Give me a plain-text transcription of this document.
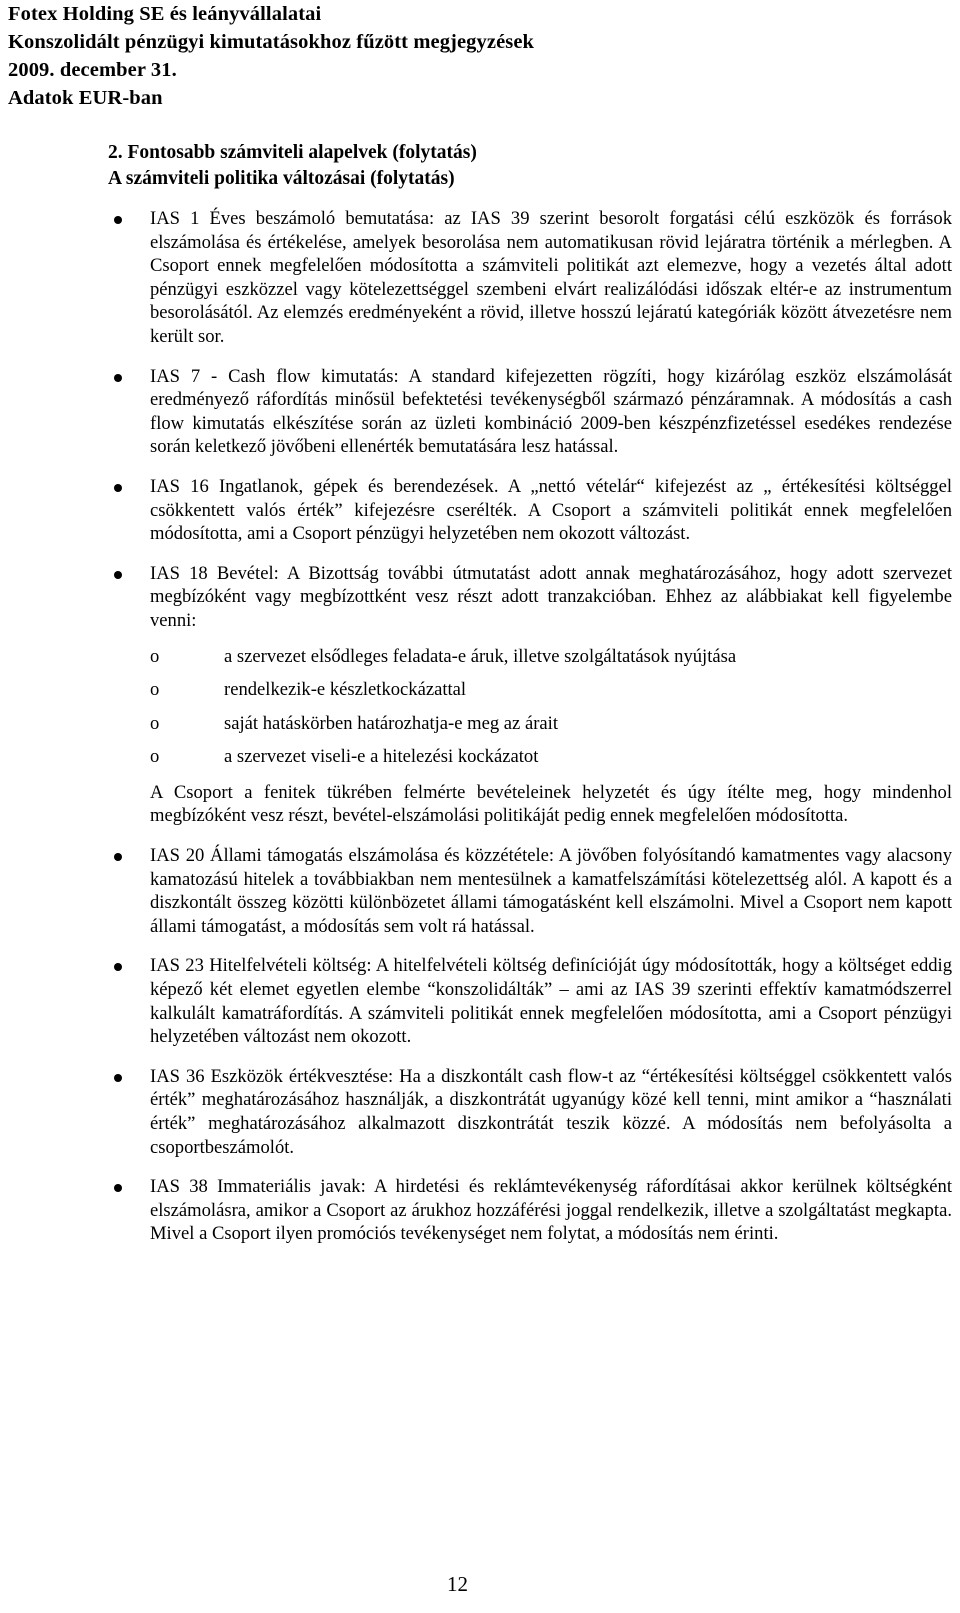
Fotex Holding SE és leányvállalatai
Konszolidált pénzügyi kimutatásokhoz fűzött megjegyzések
2009. december 31.
Adatok EUR-ban
2. Fontosabb számviteli alapelvek (folytatás)
A számviteli politika változásai (folytatás)
IAS 1 Éves beszámoló bemutatása: az IAS 39 szerint besorolt forgatási célú eszközök és források elszámolása és értékelése, amelyek besorolása nem automatikusan rövid lejáratra történik a mérlegben. A Csoport ennek megfelelően módosította a számviteli politikát azt elemezve, hogy a vezetés által adott pénzügyi eszközzel vagy kötelezettséggel szembeni elvárt realizálódási időszak eltér-e az instrumentum besorolásától. Az elemzés eredményeként a rövid, illetve hosszú lejáratú kategóriák között átvezetésre nem került sor.
IAS 7 - Cash flow kimutatás: A standard kifejezetten rögzíti, hogy kizárólag eszköz elszámolását eredményező ráfordítás minősül befektetési tevékenységből származó pénzáramnak. A módosítás a cash flow kimutatás elkészítése során az üzleti kombináció 2009-ben készpénzfizetéssel esedékes rendezése során keletkező jövőbeni ellenérték bemutatására lesz hatással.
IAS 16 Ingatlanok, gépek és berendezések. A „nettó vételár“ kifejezést az „ értékesítési költséggel csökkentett valós érték” kifejezésre cserélték. A Csoport a számviteli politikát ennek megfelelően módosította, ami a Csoport pénzügyi helyzetében nem okozott változást.
IAS 18 Bevétel: A Bizottság további útmutatást adott annak meghatározásához, hogy adott szervezet megbízóként vagy megbízottként vesz részt adott tranzakcióban. Ehhez az alábbiakat kell figyelembe venni:
o	a szervezet elsődleges feladata-e áruk, illetve szolgáltatások nyújtása
o	rendelkezik-e készletkockázattal
o	saját hatáskörben határozhatja-e meg az árait
o	a szervezet viseli-e a hitelezési kockázatot
A Csoport a fenitek tükrében felmérte bevételeinek helyzetét és úgy ítélte meg, hogy mindenhol megbízóként vesz részt, bevétel-elszámolási politikáját pedig ennek megfelelően módosította.
IAS 20 Állami támogatás elszámolása és közzététele: A jövőben folyósítandó kamatmentes vagy alacsony kamatozású hitelek a továbbiakban nem mentesülnek a kamatfelszámítási kötelezettség alól. A kapott és a diszkontált összeg közötti különbözetet állami támogatásként kell elszámolni. Mivel a Csoport nem kapott állami támogatást, a módosítás sem volt rá hatással.
IAS 23 Hitelfelvételi költség: A hitelfelvételi költség definícióját úgy módosították, hogy a költséget eddig képező két elemet egyetlen elembe “konszolidálták” – ami az IAS 39 szerinti effektív kamatmódszerrel kalkulált kamatráfordítás. A számviteli politikát ennek megfelelően módosította, ami a Csoport pénzügyi helyzetében változást nem okozott.
IAS 36 Eszközök értékvesztése: Ha a diszkontált cash flow-t az “értékesítési költséggel csökkentett valós érték” meghatározásához használják, a diszkontrátát ugyanúgy közé kell tenni, mint amikor a “használati érték” meghatározásához alkalmazott diszkontrátát teszik közzé. A módosítás nem befolyásolta a csoportbeszámolót.
IAS 38 Immateriális javak: A hirdetési és reklámtevékenység ráfordításai akkor kerülnek költségként elszámolásra, amikor a Csoport az árukhoz hozzáférési joggal rendelkezik, illetve a szolgáltatást megkapta. Mivel a Csoport ilyen promóciós tevékenységet nem folytat, a módosítás nem érinti.
12
